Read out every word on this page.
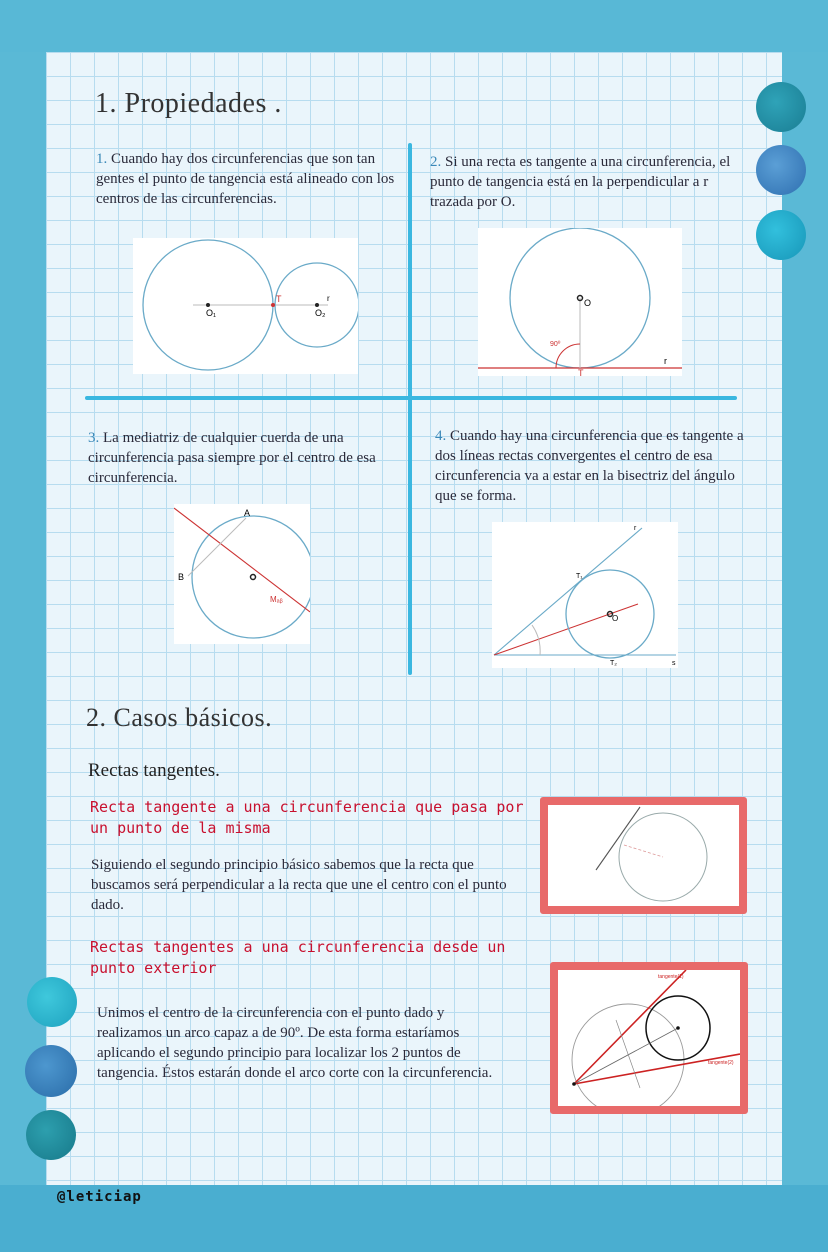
1. Propiedades .
1. Cuando hay dos circunferencias que son tan gentes el punto de tangencia está alineado con los centros de las circunferencias.
O₁	O₂
T	r
2. Si una recta es tangente a una circunferencia, el punto de tangencia está en la perpendicular a r trazada por O.
O
T
r
90º
3. La mediatriz de cualquier cuerda de una circunferencia pasa siempre por el centro de esa circunferencia.
A
B
Mₐᵦ
4. Cuando hay una circunferencia que es tangente a dos líneas rectas convergentes el centro de esa circunferencia va a estar en la bisectriz del ángulo que se forma.
T₁
T₂
r
s
O
2. Casos básicos.
Rectas tangentes.
Recta tangente a una circunferencia que pasa por un punto de la misma
Siguiendo el segundo principio básico sabemos que la recta que buscamos será perpendicular a la recta que une el centro con el punto dado.
Rectas tangentes a una circunferencia desde un punto exterior
Unimos el centro de la circunferencia con el punto dado y realizamos un arco capaz a de 90º. De esta forma estaríamos aplicando el segundo principio para localizar los 2 puntos de tangencia. Éstos estarán donde el arco corte con la circunferencia.
tangente(1)
tangente(2)
@leticiap
